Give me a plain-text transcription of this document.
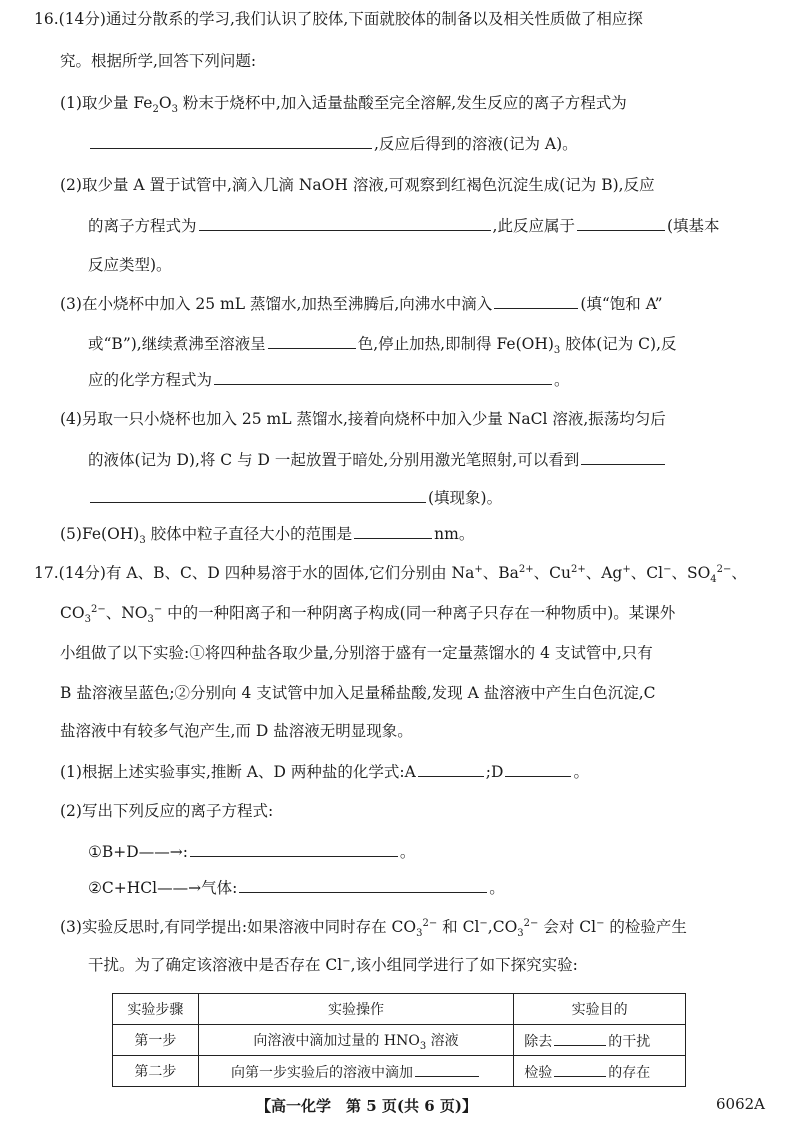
16.(14分)通过分散系的学习,我们认识了胶体,下面就胶体的制备以及相关性质做了相应探
究。根据所学,回答下列问题:
(1)取少量 $Fe_2O_3$ 粉末于烧杯中,加入适量盐酸至完全溶解,发生反应的离子方程式为
,反应后得到的溶液(记为 A)。
(2)取少量 A 置于试管中,滴入几滴 NaOH 溶液,可观察到红褐色沉淀生成(记为 B),反应
的离子方程式为	,此反应属于	(填基本
反应类型)。
(3)在小烧杯中加入 25 mL 蒸馏水,加热至沸腾后,向沸水中滴入	(填“饱和 A”
或“B”),继续煮沸至溶液呈	色,停止加热,即制得 $Fe(OH)_3$ 胶体(记为 C),反
应的化学方程式为	。
(4)另取一只小烧杯也加入 25 mL 蒸馏水,接着向烧杯中加入少量 NaCl 溶液,振荡均匀后
的液体(记为 D),将 C 与 D 一起放置于暗处,分别用激光笔照射,可以看到
(填现象)。
$(5)Fe(OH)_3$ 胶体中粒子直径大小的范围是	nm。
17.(14分)有 A、B、C、D 四种易溶于水的固体,它们分别由 Na+、$Ba^{2+}$、$Cu^{2+}$、Ag+、Cl−、$SO_4^{2-}$、
$CO_3^{2-}$、$NO_3^-$ 中的一种阳离子和一种阴离子构成(同一种离子只存在一种物质中)。某课外
小组做了以下实验:①将四种盐各取少量,分别溶于盛有一定量蒸馏水的 4 支试管中,只有
B 盐溶液呈蓝色;②分别向 4 支试管中加入足量稀盐酸,发现 A 盐溶液中产生白色沉淀,C
盐溶液中有较多气泡产生,而 D 盐溶液无明显现象。
(1)根据上述实验事实,推断 A、D 两种盐的化学式:A	;D	。
(2)写出下列反应的离子方程式:
①B+D——→:	。
②C+HCl——→气体:	。
(3)实验反思时,有同学提出:如果溶液中同时存在 $CO_3^{2-}$ 和 $Cl^-,CO_3^{2-}$ 会对 Cl− 的检验产生
干扰。为了确定该溶液中是否存在 Cl−,该小组同学进行了如下探究实验:
实验步骤	实验操作	实验目的
第一步	向溶液中滴加过量的 $HNO_3$ 溶液	除去 的干扰
第二步	向第一步实验后的溶液中滴加	检验 的存在
【高一化学　第 5 页(共 6 页)】	6062A
